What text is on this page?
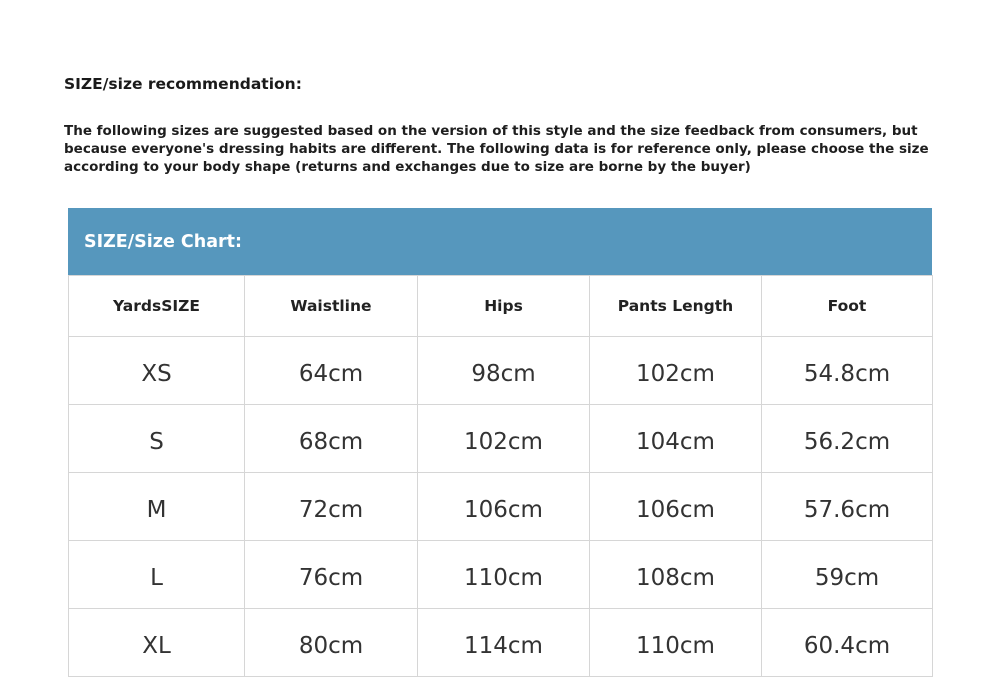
SIZE/size recommendation:
The following sizes are suggested based on the version of this style and the size feedback from consumers, but because everyone's dressing habits are different. The following data is for reference only, please choose the size according to your body shape (returns and exchanges due to size are borne by the buyer)
SIZE/Size Chart:
YardsSIZE	Waistline	Hips	Pants Length	Foot
XS	64cm	98cm	102cm	54.8cm
S	68cm	102cm	104cm	56.2cm
M	72cm	106cm	106cm	57.6cm
L	76cm	110cm	108cm	59cm
XL	80cm	114cm	110cm	60.4cm
